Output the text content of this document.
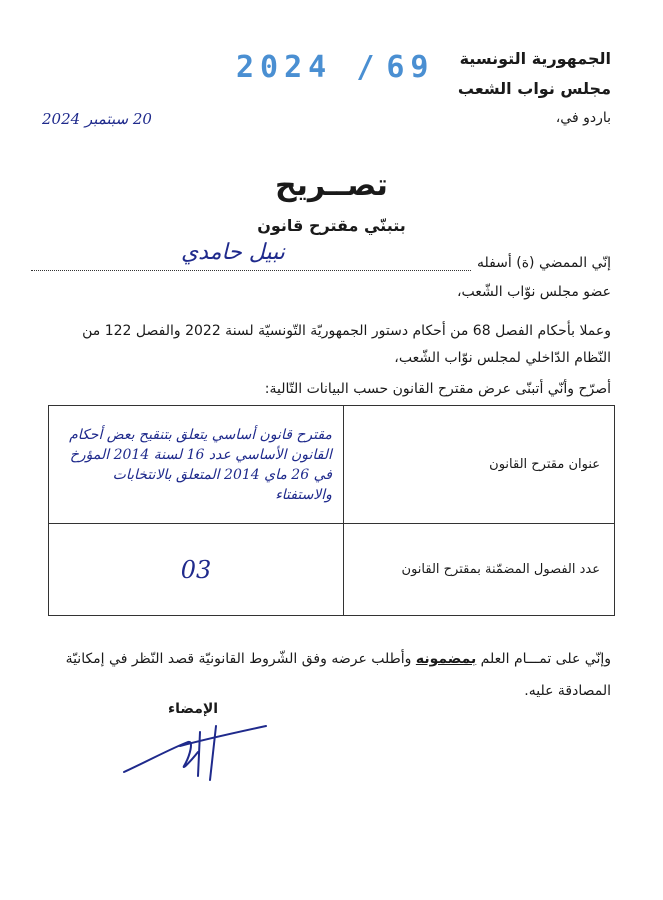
الجمهورية التونسية
مجلس نواب الشعب
2024 / 69
باردو في،
20 سبتمبر 2024
تصــريح
بتبنّي مقترح قانون
إنّي الممضي (ة) أسفله
نبيل حامدي
عضو مجلس نوّاب الشّعب،
وعملا بأحكام الفصل 68 من أحكام دستور الجمهوريّة التّونسيّة لسنة 2022 والفصل 122 من النّظام الدّاخلي لمجلس نوّاب الشّعب،
أصرّح وأنّي أتبنّى عرض مقترح القانون حسب البيانات التّالية:
عنوان مقترح القانون	مقترح قانون أساسي يتعلق بتنقيح بعض أحكام القانون الأساسي عدد 16 لسنة 2014 المؤرخ في 26 ماي 2014 المتعلق بالانتخابات والاستفتاء

عدد الفصول المضمّنة بمقترح القانون	03
وإنّي على تمـــام العلم بمضمونه وأطلب عرضه وفق الشّروط القانونيّة قصد النّظر في إمكانيّة المصادقة عليه.
الإمضاء
